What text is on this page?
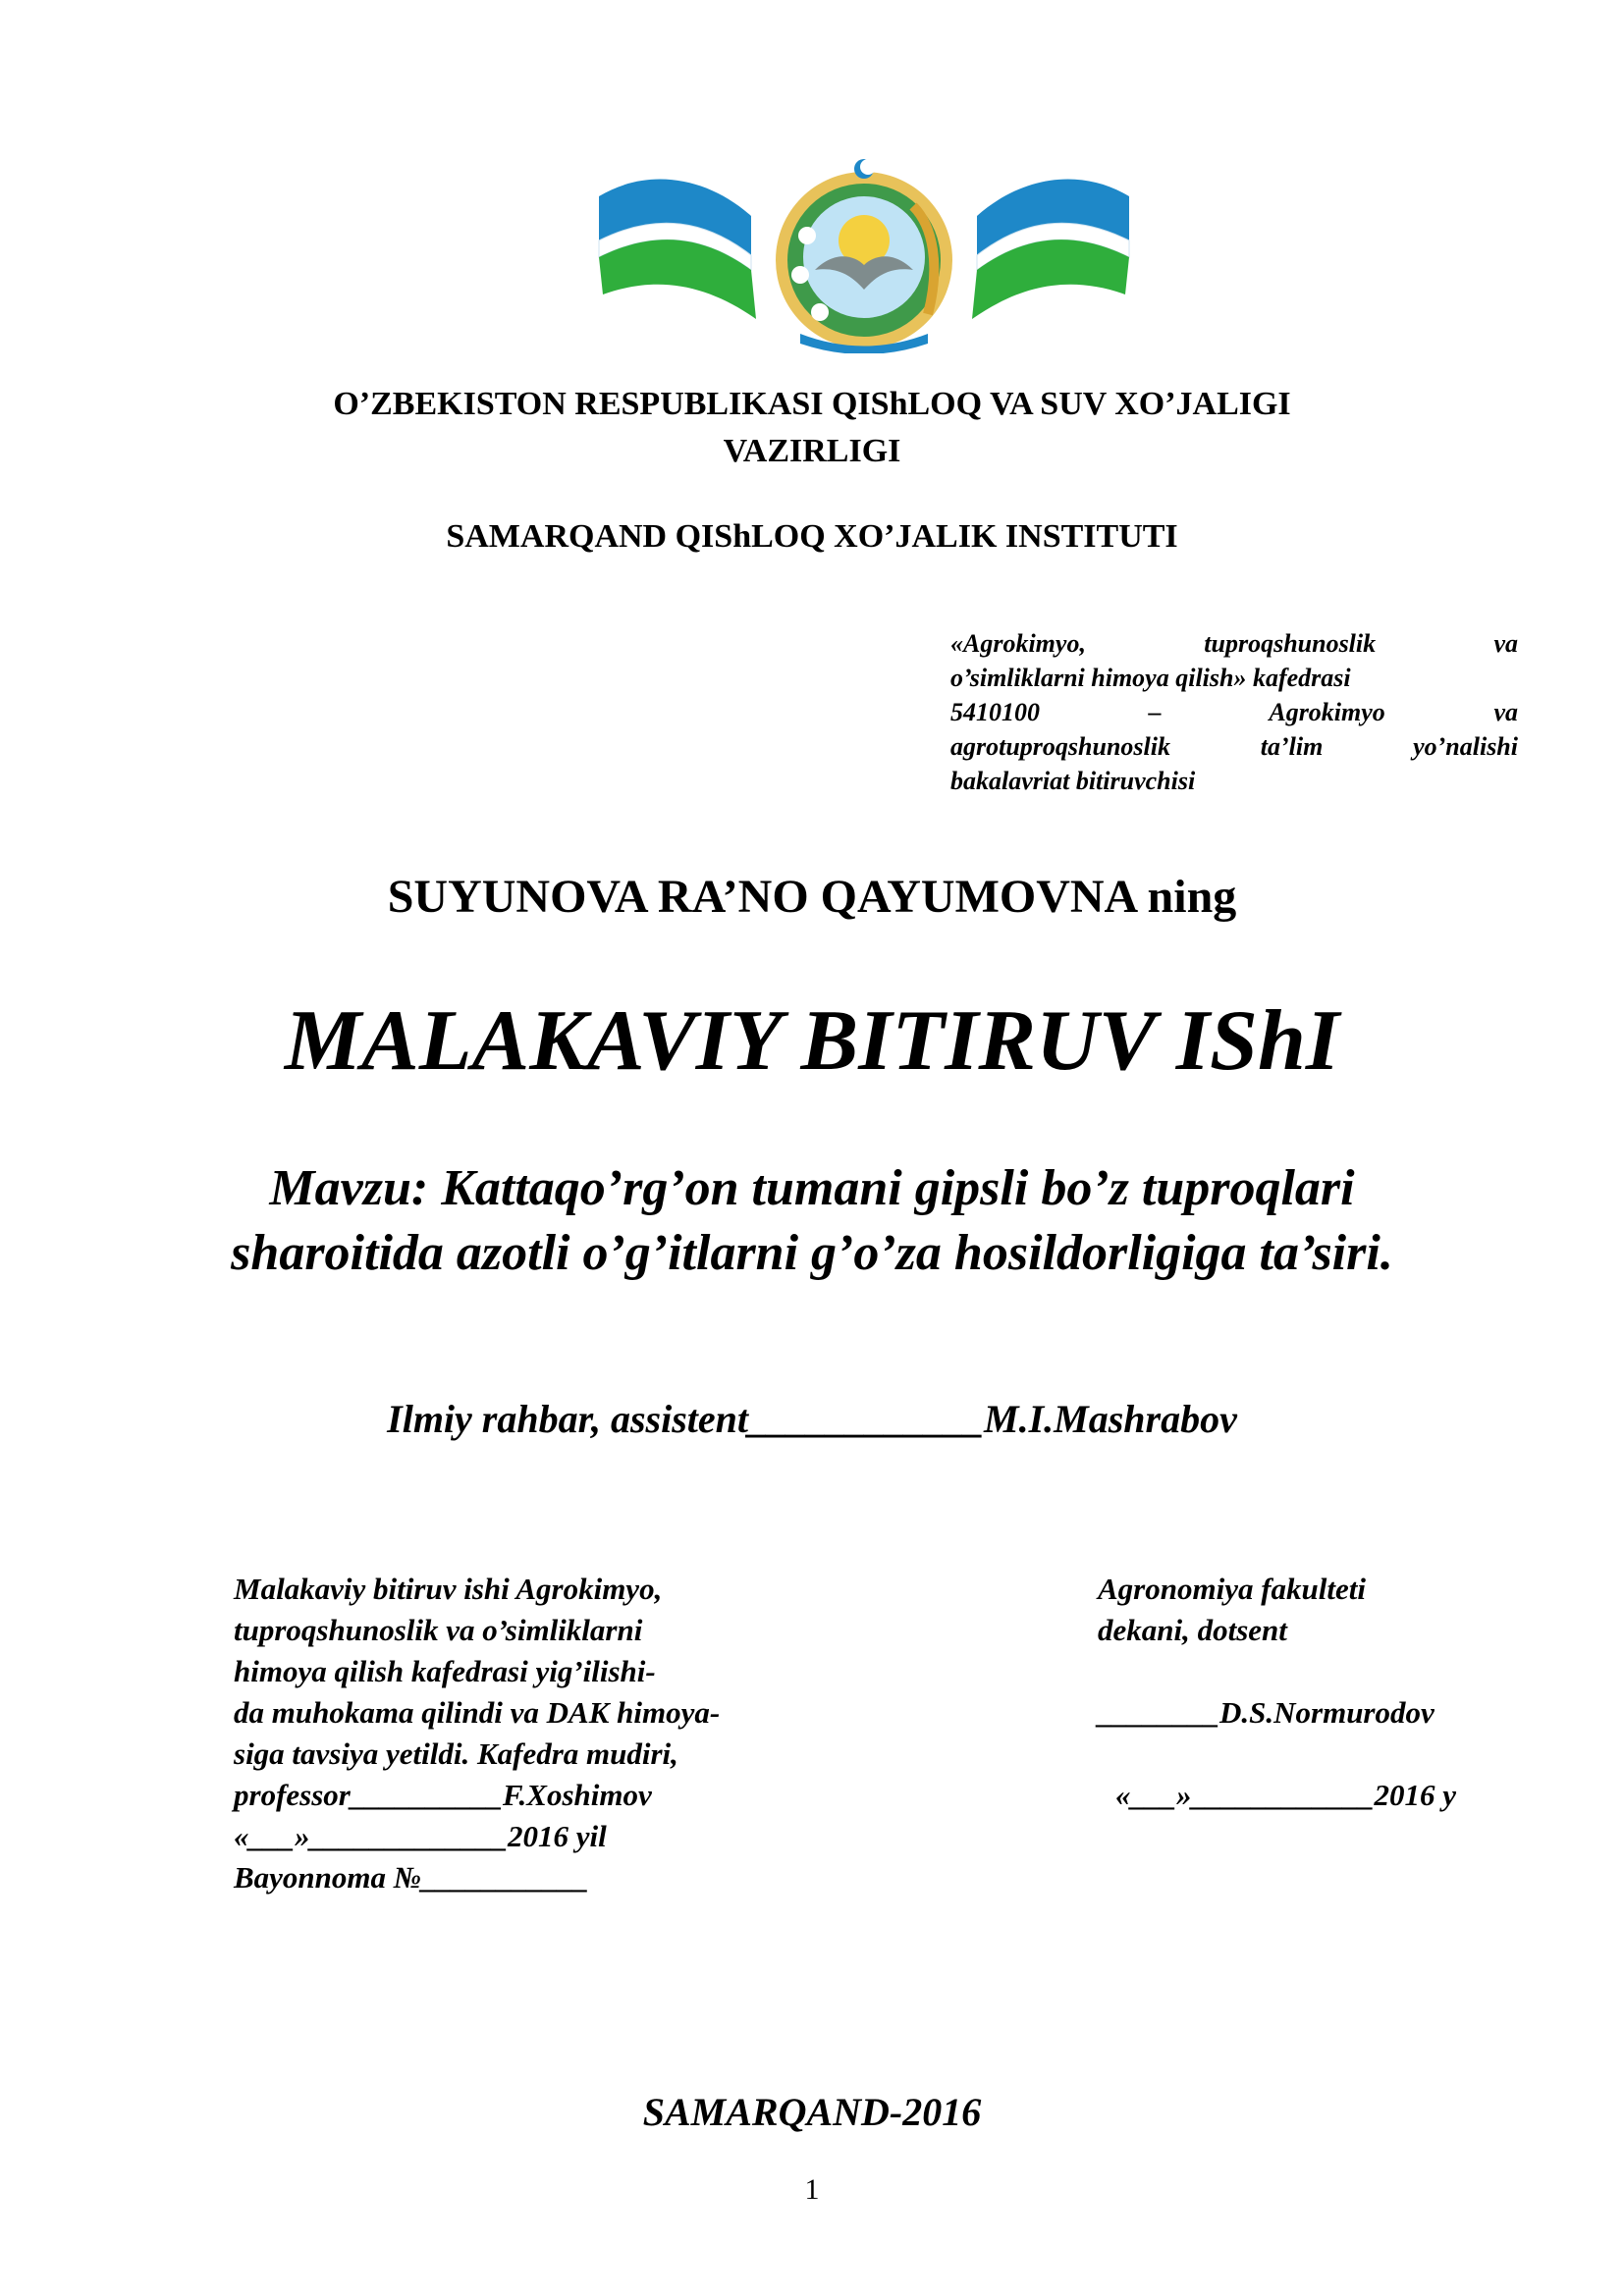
O’ZBEKISTON RESPUBLIKASI QIShLOQ VA SUV XO’JALIGI
VAZIRLIGI
SAMARQAND QIShLOQ XO’JALIK INSTITUTI
«Agrokimyo, tuproqshunoslik va
o’simliklarni himoya qilish» kafedrasi
5410100 – Agrokimyo va
agrotuproqshunoslik ta’lim yo’nalishi
bakalavriat bitiruvchisi
SUYUNOVA RA’NO QAYUMOVNA ning
MALAKAVIY BITIRUV IShI
Mavzu: Kattaqo’rg’on tumani gipsli bo’z tuproqlari
sharoitida azotli o’g’itlarni g’o’za hosildorligiga ta’siri.
Ilmiy rahbar, assistent____________M.I.Mashrabov
Malakaviy bitiruv ishi Agrokimyo,
tuproqshunoslik va o’simliklarni
himoya qilish kafedrasi yig’ilishi-
da muhokama qilindi va DAK himoya-
siga tavsiya yetildi. Kafedra mudiri,
professor__________F.Xoshimov
«___»_____________2016 yil
Bayonnoma №___________
Agronomiya fakulteti
dekani, dotsent
________D.S.Normurodov
«___»____________2016 y
SAMARQAND-2016
1
